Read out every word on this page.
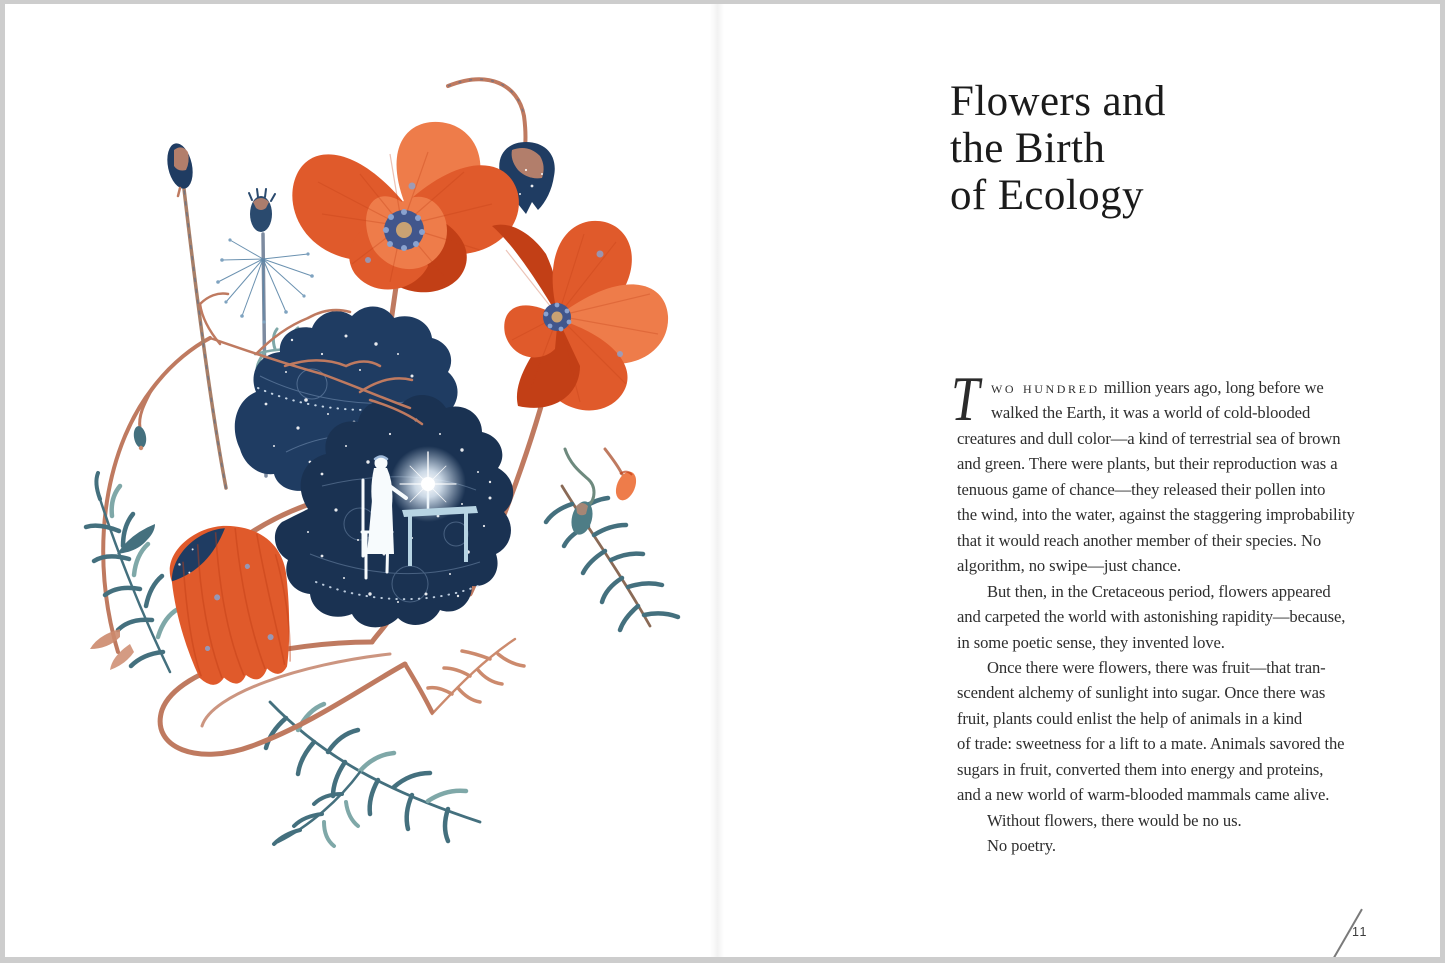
Flowers and
the Birth
of Ecology
T wo hundred million years ago, long before we
walked the Earth, it was a world of cold-blooded
creatures and dull color—a kind of terrestrial sea of brown
and green. There were plants, but their reproduction was a
tenuous game of chance—they released their pollen into
the wind, into the water, against the staggering improbability
that it would reach another member of their species. No
algorithm, no swipe—just chance.
But then, in the Cretaceous period, flowers appeared
and carpeted the world with astonishing rapidity—because,
in some poetic sense, they invented love.
Once there were flowers, there was fruit—that tran-
scendent alchemy of sunlight into sugar. Once there was
fruit, plants could enlist the help of animals in a kind
of trade: sweetness for a lift to a mate. Animals savored the
sugars in fruit, converted them into energy and proteins,
and a new world of warm-blooded mammals came alive.
Without flowers, there would be no us.
No poetry.
11
